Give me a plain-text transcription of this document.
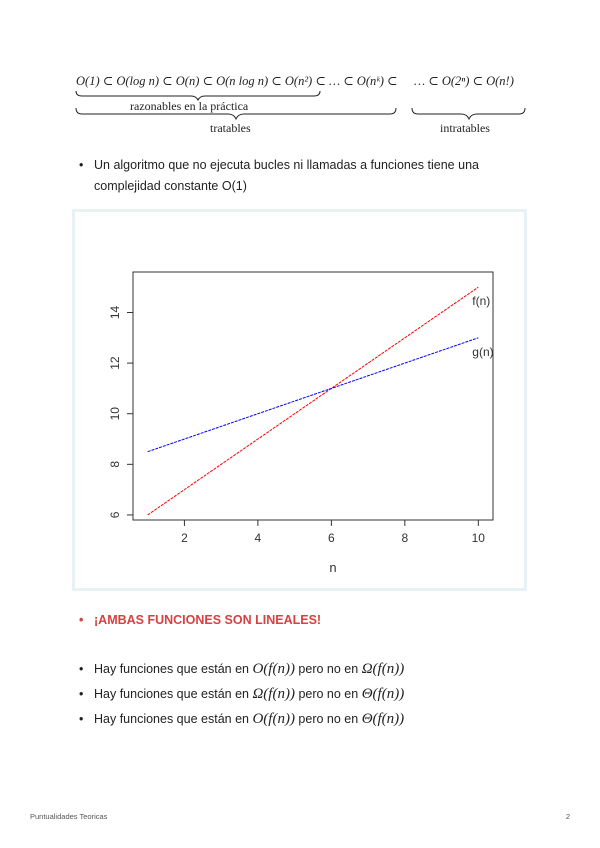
O(1) ⊂ O(log n) ⊂ O(n) ⊂ O(n log n) ⊂ O(n²) ⊂ … ⊂ O(nᵏ) ⊂ … ⊂ O(2ⁿ) ⊂ O(n!)
razonables en la práctica
tratables	intratables
• Un algoritmo que no ejecuta bucles ni llamadas a funciones tiene una complejidad constante O(1)
2	4	6	8	10
6
8
10
12
14
n
f(n)
g(n)
• ¡AMBAS FUNCIONES SON LINEALES!
• Hay funciones que están en O(f(n)) pero no en Ω(f(n))
• Hay funciones que están en Ω(f(n)) pero no en Θ(f(n))
• Hay funciones que están en O(f(n)) pero no en Θ(f(n))
Puntualidades Teoricas	2
